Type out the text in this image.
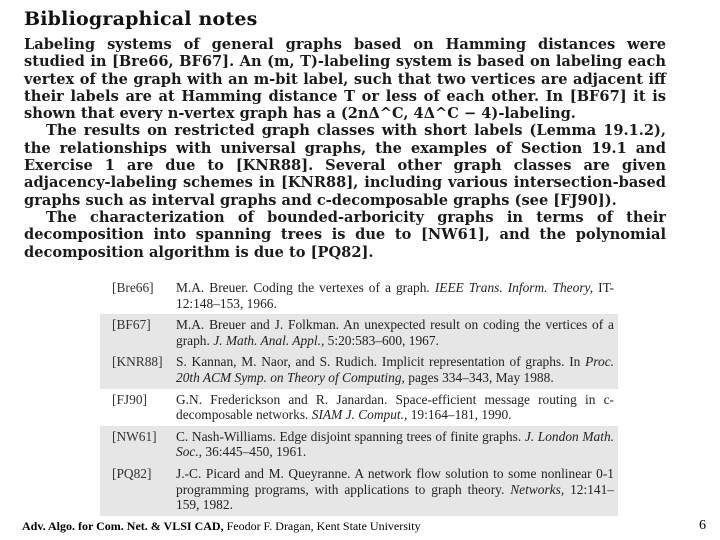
Bibliographical notes

Labeling systems of general graphs based on Hamming distances were studied in [Bre66, BF67]. An (m, T)-labeling system is based on labeling each vertex of the graph with an m-bit label, such that two vertices are adjacent iff their labels are at Hamming distance T or less of each other. In [BF67] it is shown that every n-vertex graph has a (2nΔ^C, 4Δ^C − 4)-labeling.

The results on restricted graph classes with short labels (Lemma 19.1.2), the relationships with universal graphs, the examples of Section 19.1 and Exercise 1 are due to [KNR88]. Several other graph classes are given adjacency-labeling schemes in [KNR88], including various intersection-based graphs such as interval graphs and c-decomposable graphs (see [FJ90]).

The characterization of bounded-arboricity graphs in terms of their decomposition into spanning trees is due to [NW61], and the polynomial decomposition algorithm is due to [PQ82].

[Bre66]	M.A. Breuer. Coding the vertexes of a graph. IEEE Trans. Inform. Theory, IT-12:148–153, 1966.
[BF67]	M.A. Breuer and J. Folkman. An unexpected result on coding the vertices of a graph. J. Math. Anal. Appl., 5:20:583–600, 1967.
[KNR88]	S. Kannan, M. Naor, and S. Rudich. Implicit representation of graphs. In Proc. 20th ACM Symp. on Theory of Computing, pages 334–343, May 1988.
[FJ90]	G.N. Frederickson and R. Janardan. Space-efficient message routing in c-decomposable networks. SIAM J. Comput., 19:164–181, 1990.
[NW61]	C. Nash-Williams. Edge disjoint spanning trees of finite graphs. J. London Math. Soc., 36:445–450, 1961.
[PQ82]	J.-C. Picard and M. Queyranne. A network flow solution to some nonlinear 0-1 programming programs, with applications to graph theory. Networks, 12:141–159, 1982.
Adv. Algo. for Com. Net. & VLSI CAD, Feodor F. Dragan, Kent State University	6
